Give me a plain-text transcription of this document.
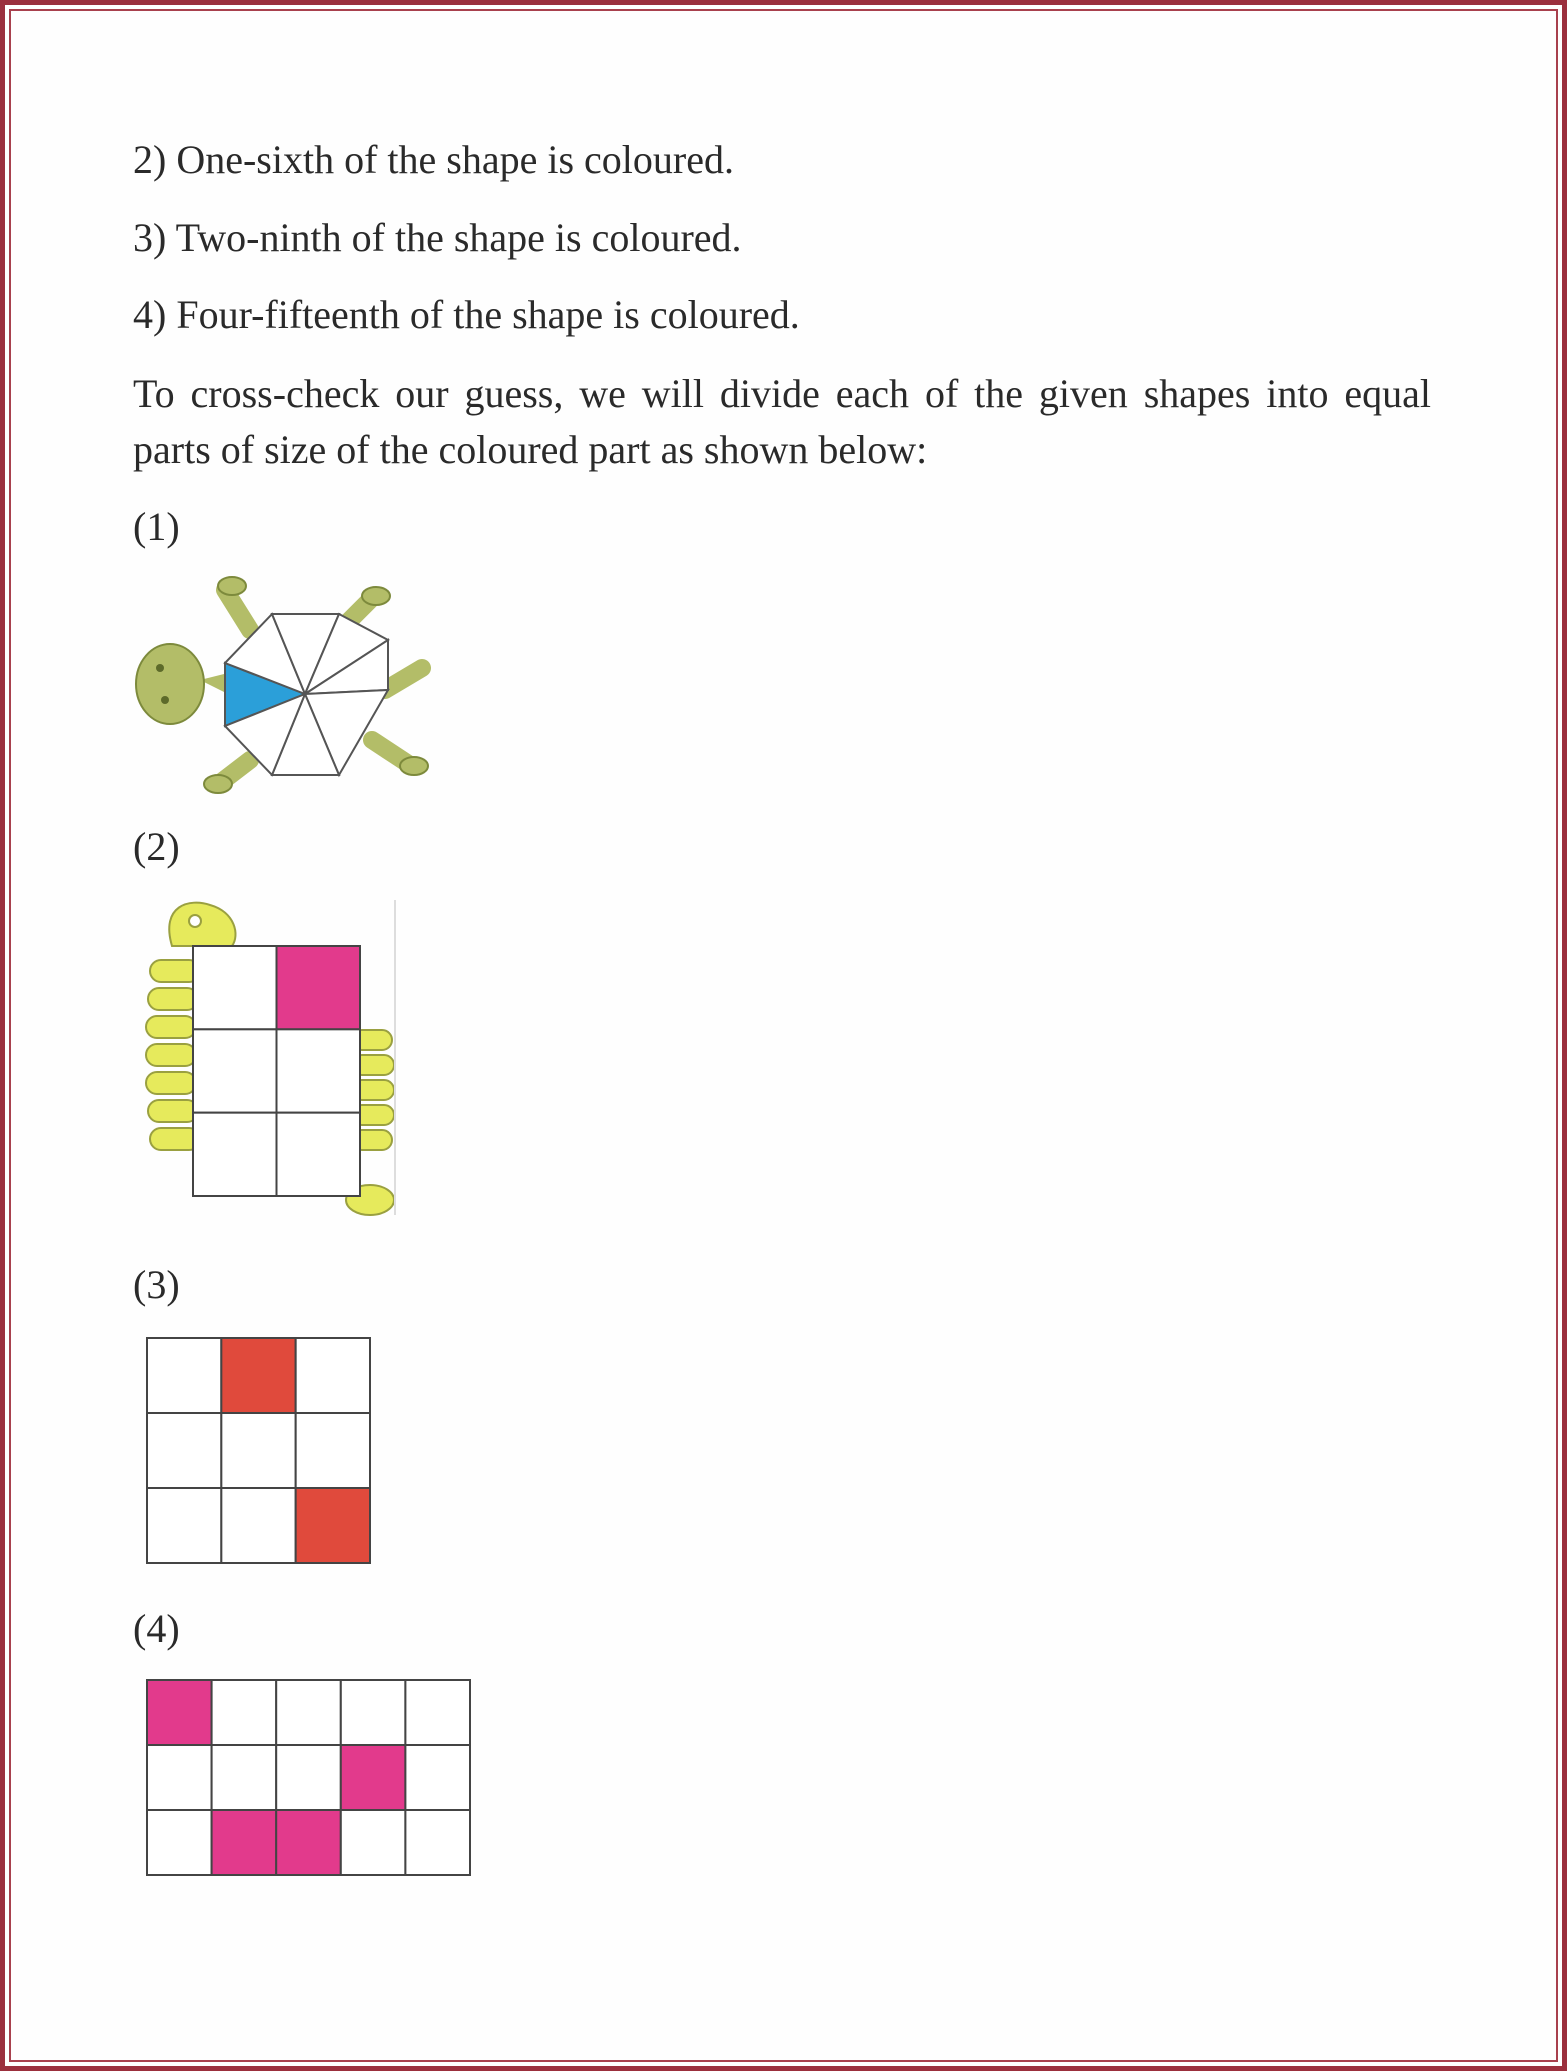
2) One-sixth of the shape is coloured.
3) Two-ninth of the shape is coloured.
4) Four-fifteenth of the shape is coloured.
To cross-check our guess, we will divide each of the given shapes into equal parts of size of the coloured part as shown below:
(1)
(2)
(3)
(4)
